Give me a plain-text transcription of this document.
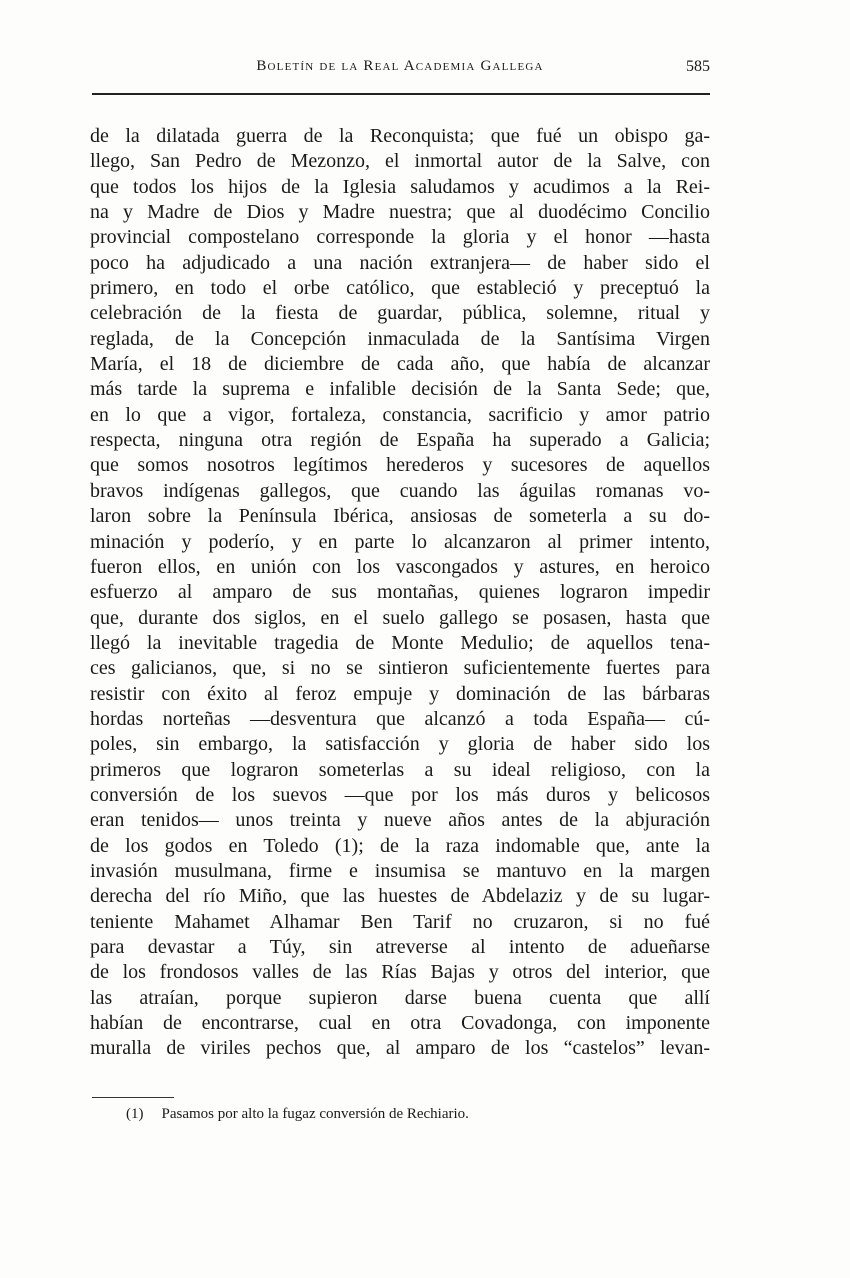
Boletín de la Real Academia Gallega	585
de la dilatada guerra de la Reconquista; que fué un obispo ga-
llego, San Pedro de Mezonzo, el inmortal autor de la Salve, con
que todos los hijos de la Iglesia saludamos y acudimos a la Rei-
na y Madre de Dios y Madre nuestra; que al duodécimo Concilio
provincial compostelano corresponde la gloria y el honor —hasta
poco ha adjudicado a una nación extranjera— de haber sido el
primero, en todo el orbe católico, que estableció y preceptuó la
celebración de la fiesta de guardar, pública, solemne, ritual y
reglada, de la Concepción inmaculada de la Santísima Virgen
María, el 18 de diciembre de cada año, que había de alcanzar
más tarde la suprema e infalible decisión de la Santa Sede; que,
en lo que a vigor, fortaleza, constancia, sacrificio y amor patrio
respecta, ninguna otra región de España ha superado a Galicia;
que somos nosotros legítimos herederos y sucesores de aquellos
bravos indígenas gallegos, que cuando las águilas romanas vo-
laron sobre la Península Ibérica, ansiosas de someterla a su do-
minación y poderío, y en parte lo alcanzaron al primer intento,
fueron ellos, en unión con los vascongados y astures, en heroico
esfuerzo al amparo de sus montañas, quienes lograron impedir
que, durante dos siglos, en el suelo gallego se posasen, hasta que
llegó la inevitable tragedia de Monte Medulio; de aquellos tena-
ces galicianos, que, si no se sintieron suficientemente fuertes para
resistir con éxito al feroz empuje y dominación de las bárbaras
hordas norteñas —desventura que alcanzó a toda España— cú-
poles, sin embargo, la satisfacción y gloria de haber sido los
primeros que lograron someterlas a su ideal religioso, con la
conversión de los suevos —que por los más duros y belicosos
eran tenidos— unos treinta y nueve años antes de la abjuración
de los godos en Toledo (1); de la raza indomable que, ante la
invasión musulmana, firme e insumisa se mantuvo en la margen
derecha del río Miño, que las huestes de Abdelaziz y de su lugar-
teniente Mahamet Alhamar Ben Tarif no cruzaron, si no fué
para devastar a Túy, sin atreverse al intento de adueñarse
de los frondosos valles de las Rías Bajas y otros del interior, que
las atraían, porque supieron darse buena cuenta que allí
habían de encontrarse, cual en otra Covadonga, con imponente
muralla de viriles pechos que, al amparo de los “castelos” levan-
(1) Pasamos por alto la fugaz conversión de Rechiario.
